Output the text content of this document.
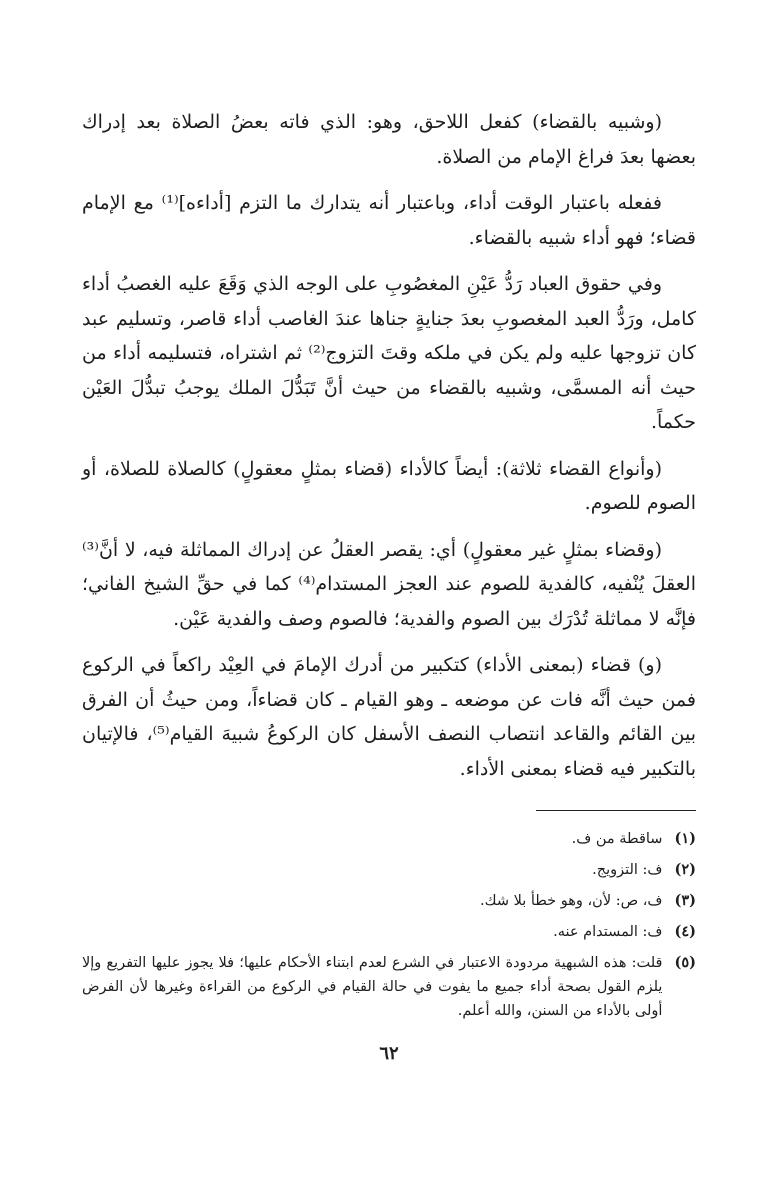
(وشبيه بالقضاء) كفعل اللاحق، وهو: الذي فاته بعضُ الصلاة بعد إدراك بعضها بعدَ فراغ الإمام من الصلاة.

ففعله باعتبار الوقت أداء، وباعتبار أنه يتدارك ما التزم [أداءه]⁽¹⁾ مع الإمام قضاء؛ فهو أداء شبيه بالقضاء.

وفي حقوق العباد رَدُّ عَيْنِ المغصُوبِ على الوجه الذي وَقَعَ عليه الغصبُ أداء كامل، ورَدُّ العبد المغصوبِ بعدَ جنايةٍ جناها عندَ الغاصب أداء قاصر، وتسليم عبد كان تزوجها عليه ولم يكن في ملكه وقتَ التزوج⁽²⁾ ثم اشتراه، فتسليمه أداء من حيث أنه المسمَّى، وشبيه بالقضاء من حيث أنَّ تَبَدُّلَ الملك يوجبُ تبدُّلَ العَيْن حكماً.

(وأنواع القضاء ثلاثة): أيضاً كالأداء (قضاء بمثلٍ معقولٍ) كالصلاة للصلاة، أو الصوم للصوم.

(وقضاء بمثلٍ غير معقولٍ) أي: يقصر العقلُ عن إدراك المماثلة فيه، لا أنَّ⁽³⁾ العقلَ يُنْفيه، كالفدية للصوم عند العجز المستدام⁽⁴⁾ كما في حقِّ الشيخ الفاني؛ فإنَّه لا مماثلة تُدْرَك بين الصوم والفدية؛ فالصوم وصف والفدية عَيْن.

(و) قضاء (بمعنى الأداء) كتكبير من أدرك الإمامَ في العِيْد راكعاً في الركوع فمن حيث أنَّه فات عن موضعه ـ وهو القيام ـ كان قضاءاً، ومن حيثُ أن الفرق بين القائم والقاعد انتصاب النصف الأسفل كان الركوعُ شبيهَ القيام⁽⁵⁾، فالإتيان بالتكبير فيه قضاء بمعنى الأداء.

(١)
ساقطة من ف.
(٢)
ف: التزويج.
(٣)
ف، ص: لأن، وهو خطأ بلا شك.
(٤)
ف: المستدام عنه.
(٥)
قلت: هذه الشبهية مردودة الاعتبار في الشرع لعدم ابتناء الأحكام عليها؛ فلا يجوز عليها التفريع وإلا يلزم القول بصحة أداء جميع ما يفوت في حالة القيام في الركوع من القراءة وغيرها لأن الفرض أولى بالأداء من السنن، والله أعلم.
٦٢
